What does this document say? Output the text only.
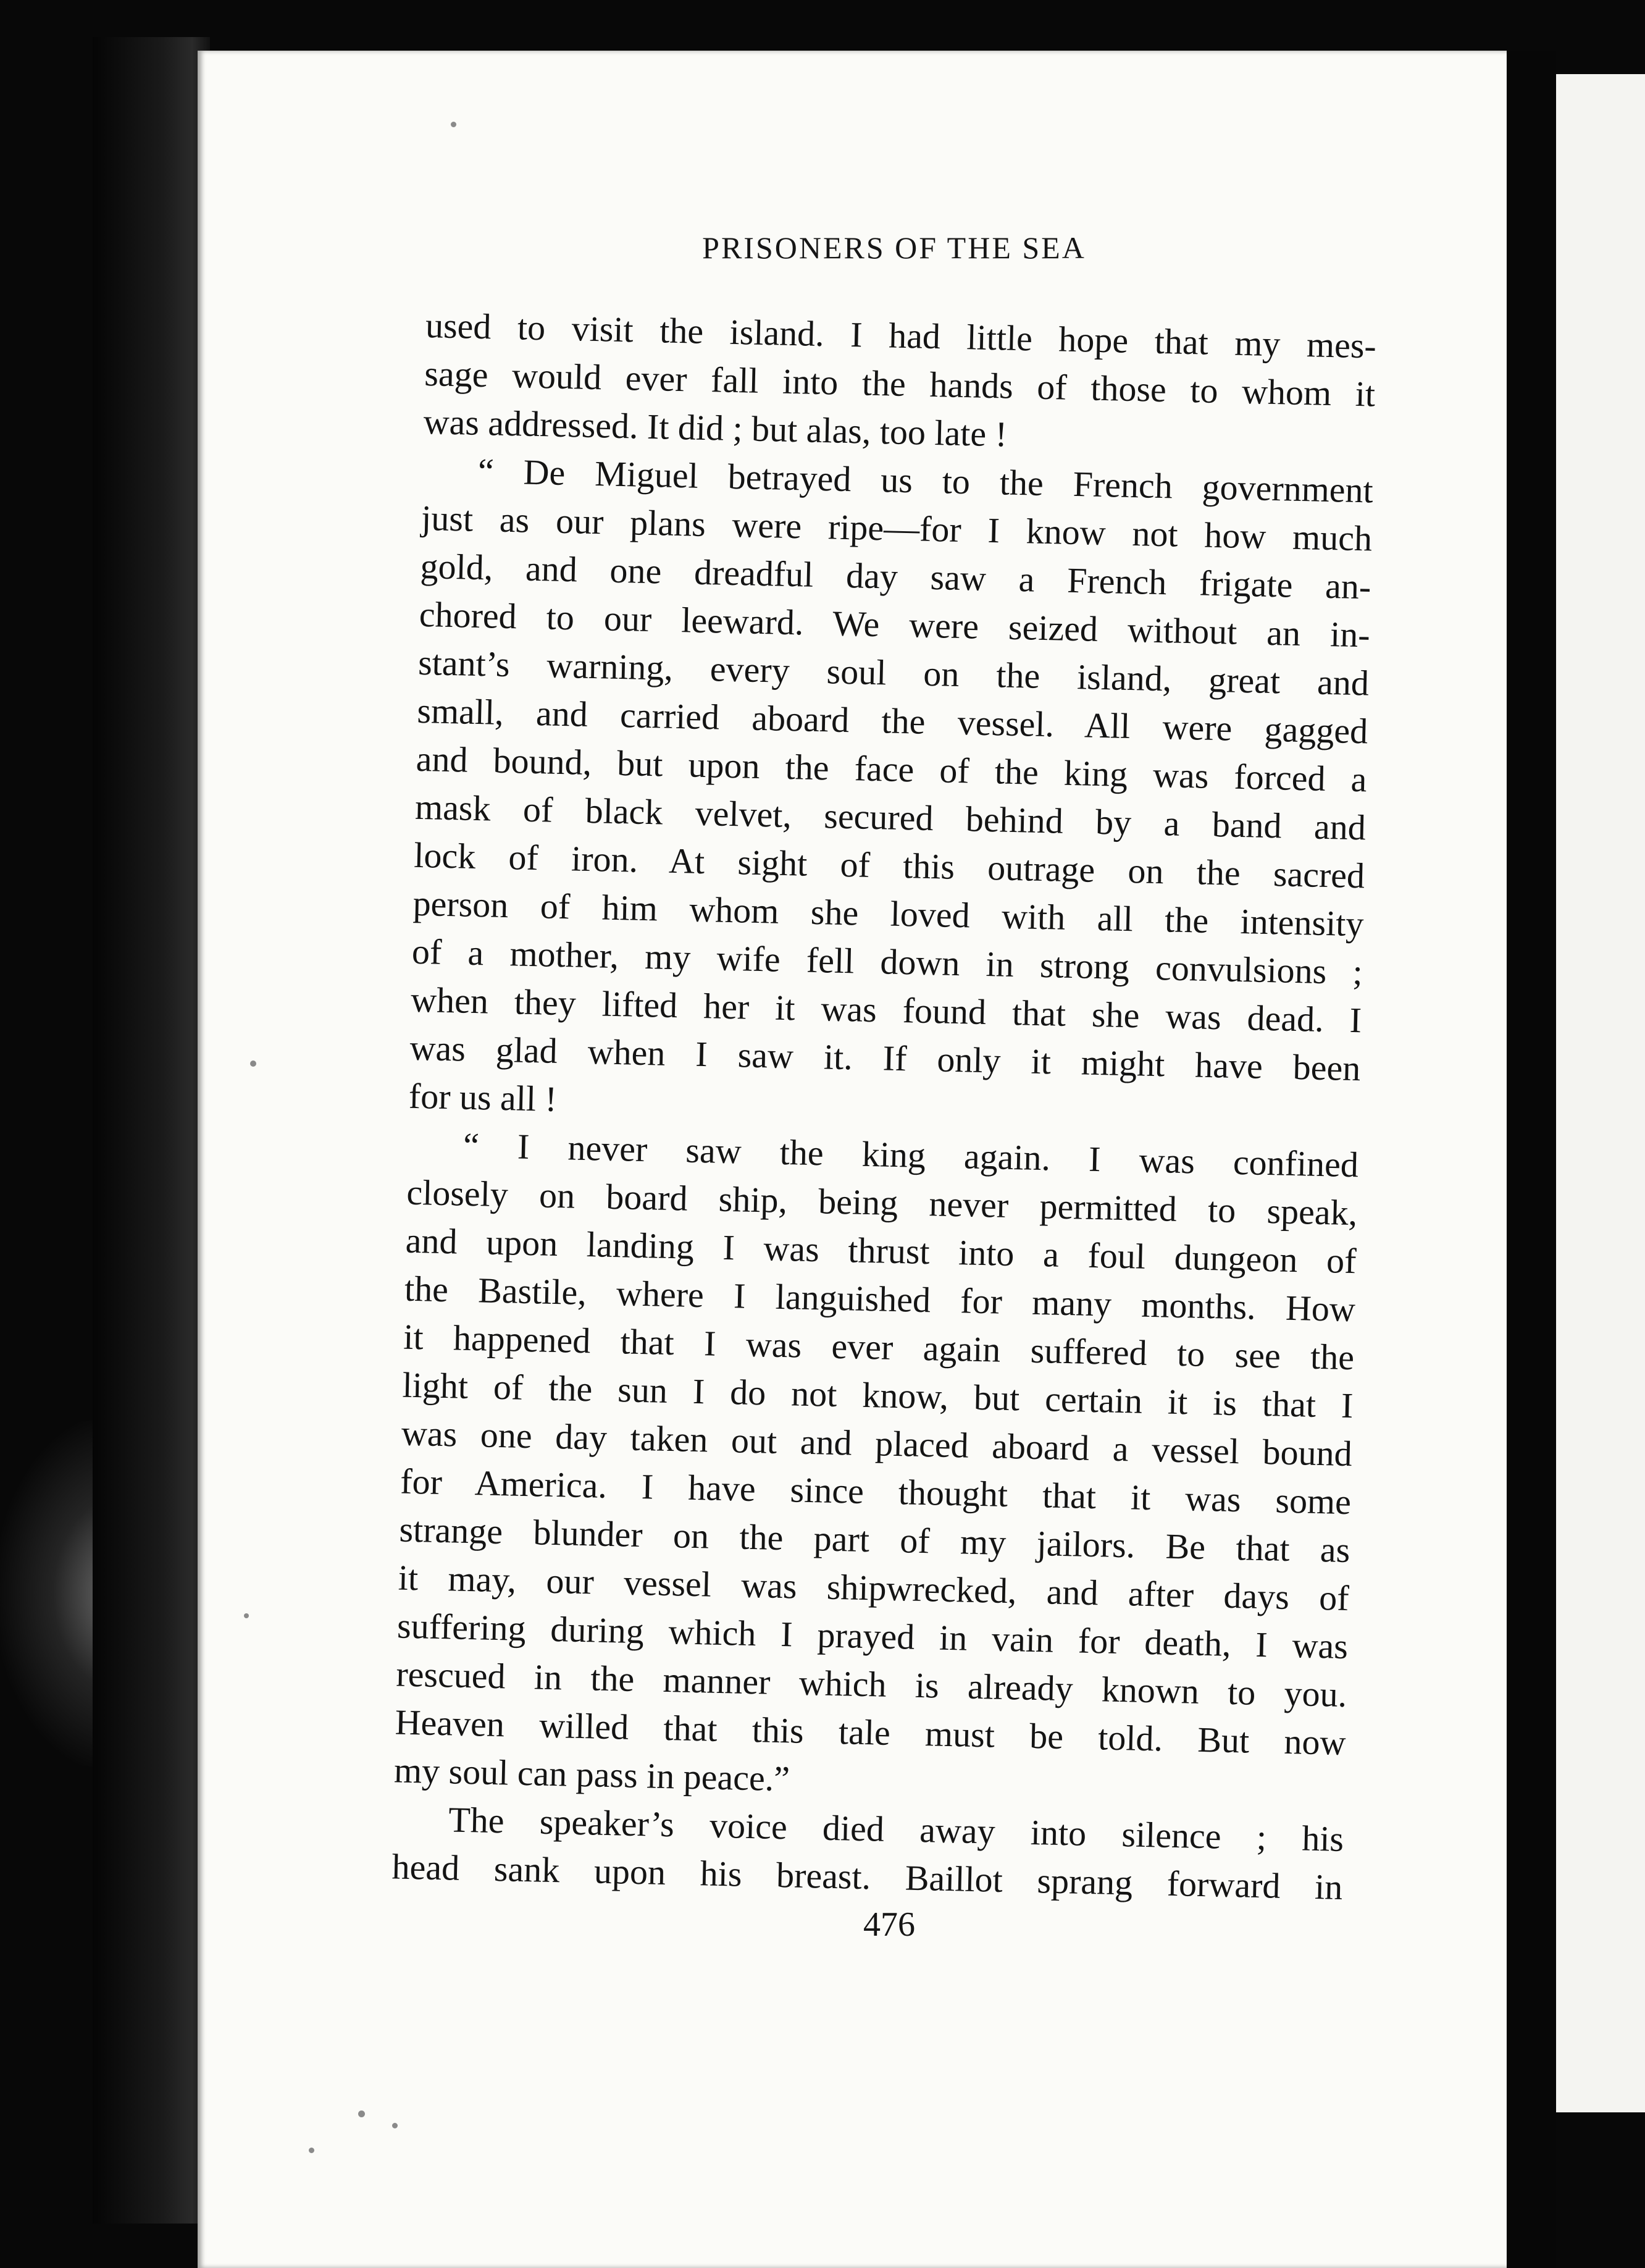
PRISONERS OF THE SEA
used to visit the island. I had little hope that my mes-
sage would ever fall into the hands of those to whom it
was addressed. It did ; but alas, too late !
“ De Miguel betrayed us to the French government
just as our plans were ripe—for I know not how much
gold, and one dreadful day saw a French frigate an-
chored to our leeward. We were seized without an in-
stant’s warning, every soul on the island, great and
small, and carried aboard the vessel. All were gagged
and bound, but upon the face of the king was forced a
mask of black velvet, secured behind by a band and
lock of iron. At sight of this outrage on the sacred
person of him whom she loved with all the intensity
of a mother, my wife fell down in strong convulsions ;
when they lifted her it was found that she was dead. I
was glad when I saw it. If only it might have been
for us all !
“ I never saw the king again. I was confined
closely on board ship, being never permitted to speak,
and upon landing I was thrust into a foul dungeon of
the Bastile, where I languished for many months. How
it happened that I was ever again suffered to see the
light of the sun I do not know, but certain it is that I
was one day taken out and placed aboard a vessel bound
for America. I have since thought that it was some
strange blunder on the part of my jailors. Be that as
it may, our vessel was shipwrecked, and after days of
suffering during which I prayed in vain for death, I was
rescued in the manner which is already known to you.
Heaven willed that this tale must be told. But now
my soul can pass in peace.”
The speaker’s voice died away into silence ; his
head sank upon his breast. Baillot sprang forward in
476
